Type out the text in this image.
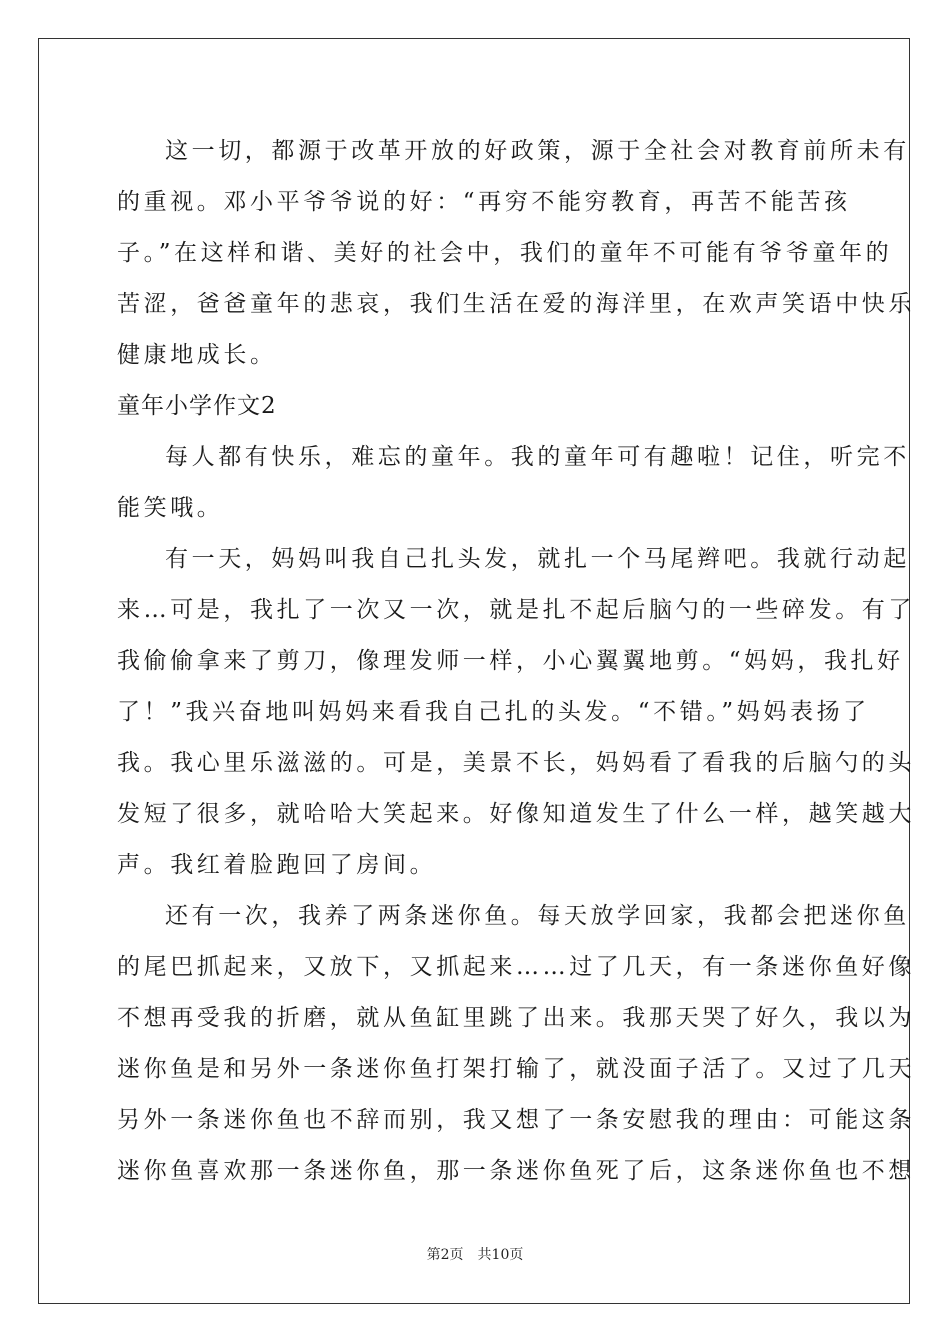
这一切，都源于改革开放的好政策，源于全社会对教育前所未有
的重视。邓小平爷爷说的好：“再穷不能穷教育，再苦不能苦孩
子。”在这样和谐、美好的社会中，我们的童年不可能有爷爷童年的
苦涩，爸爸童年的悲哀，我们生活在爱的海洋里，在欢声笑语中快乐
健康地成长。
童年小学作文2
每人都有快乐，难忘的童年。我的童年可有趣啦！记住，听完不
能笑哦。
有一天，妈妈叫我自己扎头发，就扎一个马尾辫吧。我就行动起
来…可是，我扎了一次又一次，就是扎不起后脑勺的一些碎发。有了
我偷偷拿来了剪刀，像理发师一样，小心翼翼地剪。“妈妈，我扎好
了！”我兴奋地叫妈妈来看我自己扎的头发。“不错。”妈妈表扬了
我。我心里乐滋滋的。可是，美景不长，妈妈看了看我的后脑勺的头
发短了很多，就哈哈大笑起来。好像知道发生了什么一样，越笑越大
声。我红着脸跑回了房间。
还有一次，我养了两条迷你鱼。每天放学回家，我都会把迷你鱼
的尾巴抓起来，又放下，又抓起来……过了几天，有一条迷你鱼好像
不想再受我的折磨，就从鱼缸里跳了出来。我那天哭了好久，我以为
迷你鱼是和另外一条迷你鱼打架打输了，就没面子活了。又过了几天
另外一条迷你鱼也不辞而别，我又想了一条安慰我的理由：可能这条
迷你鱼喜欢那一条迷你鱼，那一条迷你鱼死了后，这条迷你鱼也不想
第2页 共10页
